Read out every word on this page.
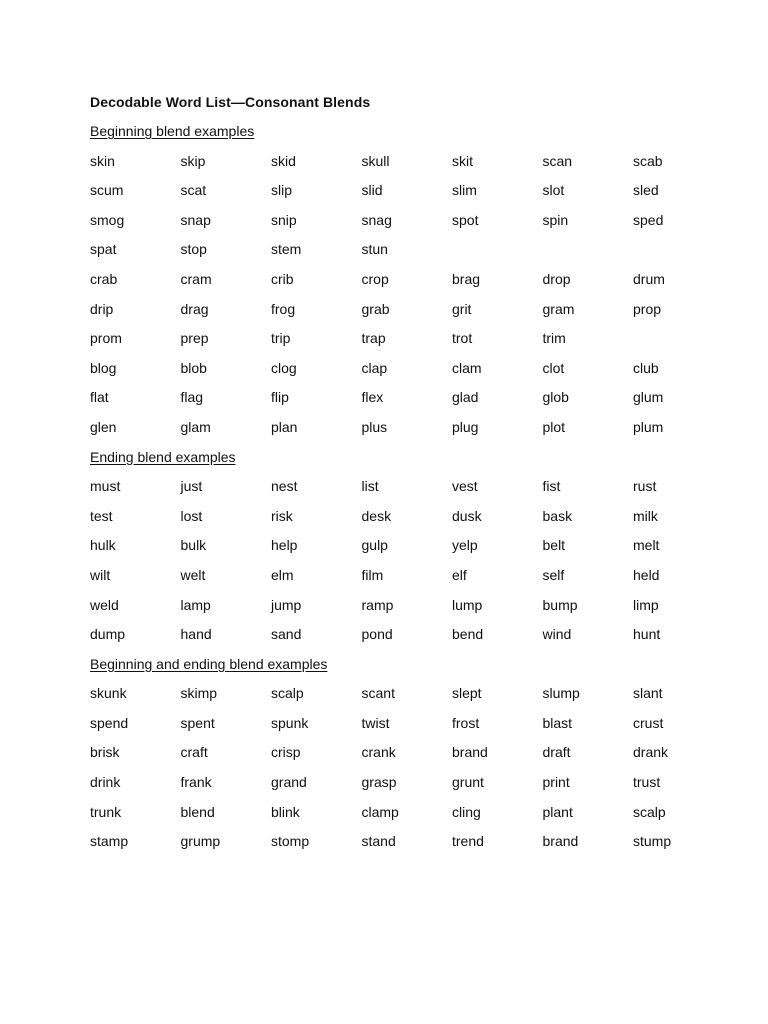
Decodable Word List—Consonant Blends
Beginning blend examples
skin	skip	skid	skull	skit	scan	scab
scum	scat	slip	slid	slim	slot	sled
smog	snap	snip	snag	spot	spin	sped
spat	stop	stem	stun
crab	cram	crib	crop	brag	drop	drum
drip	drag	frog	grab	grit	gram	prop
prom	prep	trip	trap	trot	trim
blog	blob	clog	clap	clam	clot	club
flat	flag	flip	flex	glad	glob	glum
glen	glam	plan	plus	plug	plot	plum
Ending blend examples
must	just	nest	list	vest	fist	rust
test	lost	risk	desk	dusk	bask	milk
hulk	bulk	help	gulp	yelp	belt	melt
wilt	welt	elm	film	elf	self	held
weld	lamp	jump	ramp	lump	bump	limp
dump	hand	sand	pond	bend	wind	hunt
Beginning and ending blend examples
skunk	skimp	scalp	scant	slept	slump	slant
spend	spent	spunk	twist	frost	blast	crust
brisk	craft	crisp	crank	brand	draft	drank
drink	frank	grand	grasp	grunt	print	trust
trunk	blend	blink	clamp	cling	plant	scalp
stamp	grump	stomp	stand	trend	brand	stump
